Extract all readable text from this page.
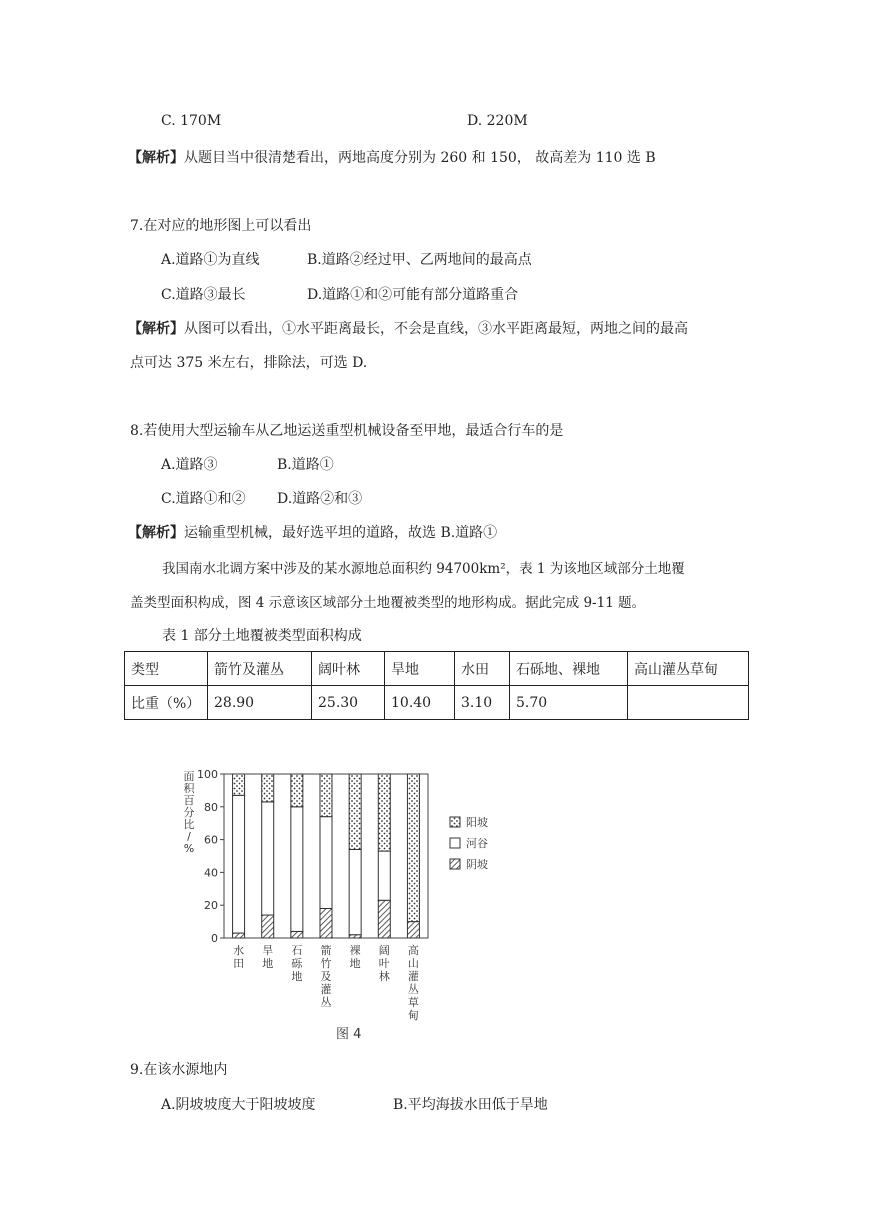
C. 170M	D. 220M
【解析】从题目当中很清楚看出，两地高度分别为 260 和 150， 故高差为 110 选 B
7.在对应的地形图上可以看出
A.道路①为直线	B.道路②经过甲、乙两地间的最高点
C.道路③最长	D.道路①和②可能有部分道路重合
【解析】从图可以看出，①水平距离最长，不会是直线，③水平距离最短，两地之间的最高
点可达 375 米左右，排除法，可选 D.
8.若使用大型运输车从乙地运送重型机械设备至甲地，最适合行车的是
A.道路③	B.道路①
C.道路①和② D.道路②和③
【解析】运输重型机械，最好选平坦的道路，故选 B.道路①
我国南水北调方案中涉及的某水源地总面积约 94700km²，表 1 为该地区域部分土地覆
盖类型面积构成，图 4 示意该区域部分土地覆被类型的地形构成。据此完成 9-11 题。
表 1 部分土地覆被类型面积构成
类型	箭竹及灌丛	阔叶林	旱地	水田	石砾地、裸地	高山灌丛草甸
比重（%）	28.90	25.30	10.40	3.10	5.70	
面
积
百
分
比
/
%
0
20
40
60
80
100
水
田
旱
地
石
砾
地
箭
竹
及
灌
丛
裸
地
阔
叶
林
高
山
灌
丛
草
甸
阳坡
河谷
阴坡
图 4
9.在该水源地内
A.阴坡坡度大于阳坡坡度	B.平均海拔水田低于旱地
